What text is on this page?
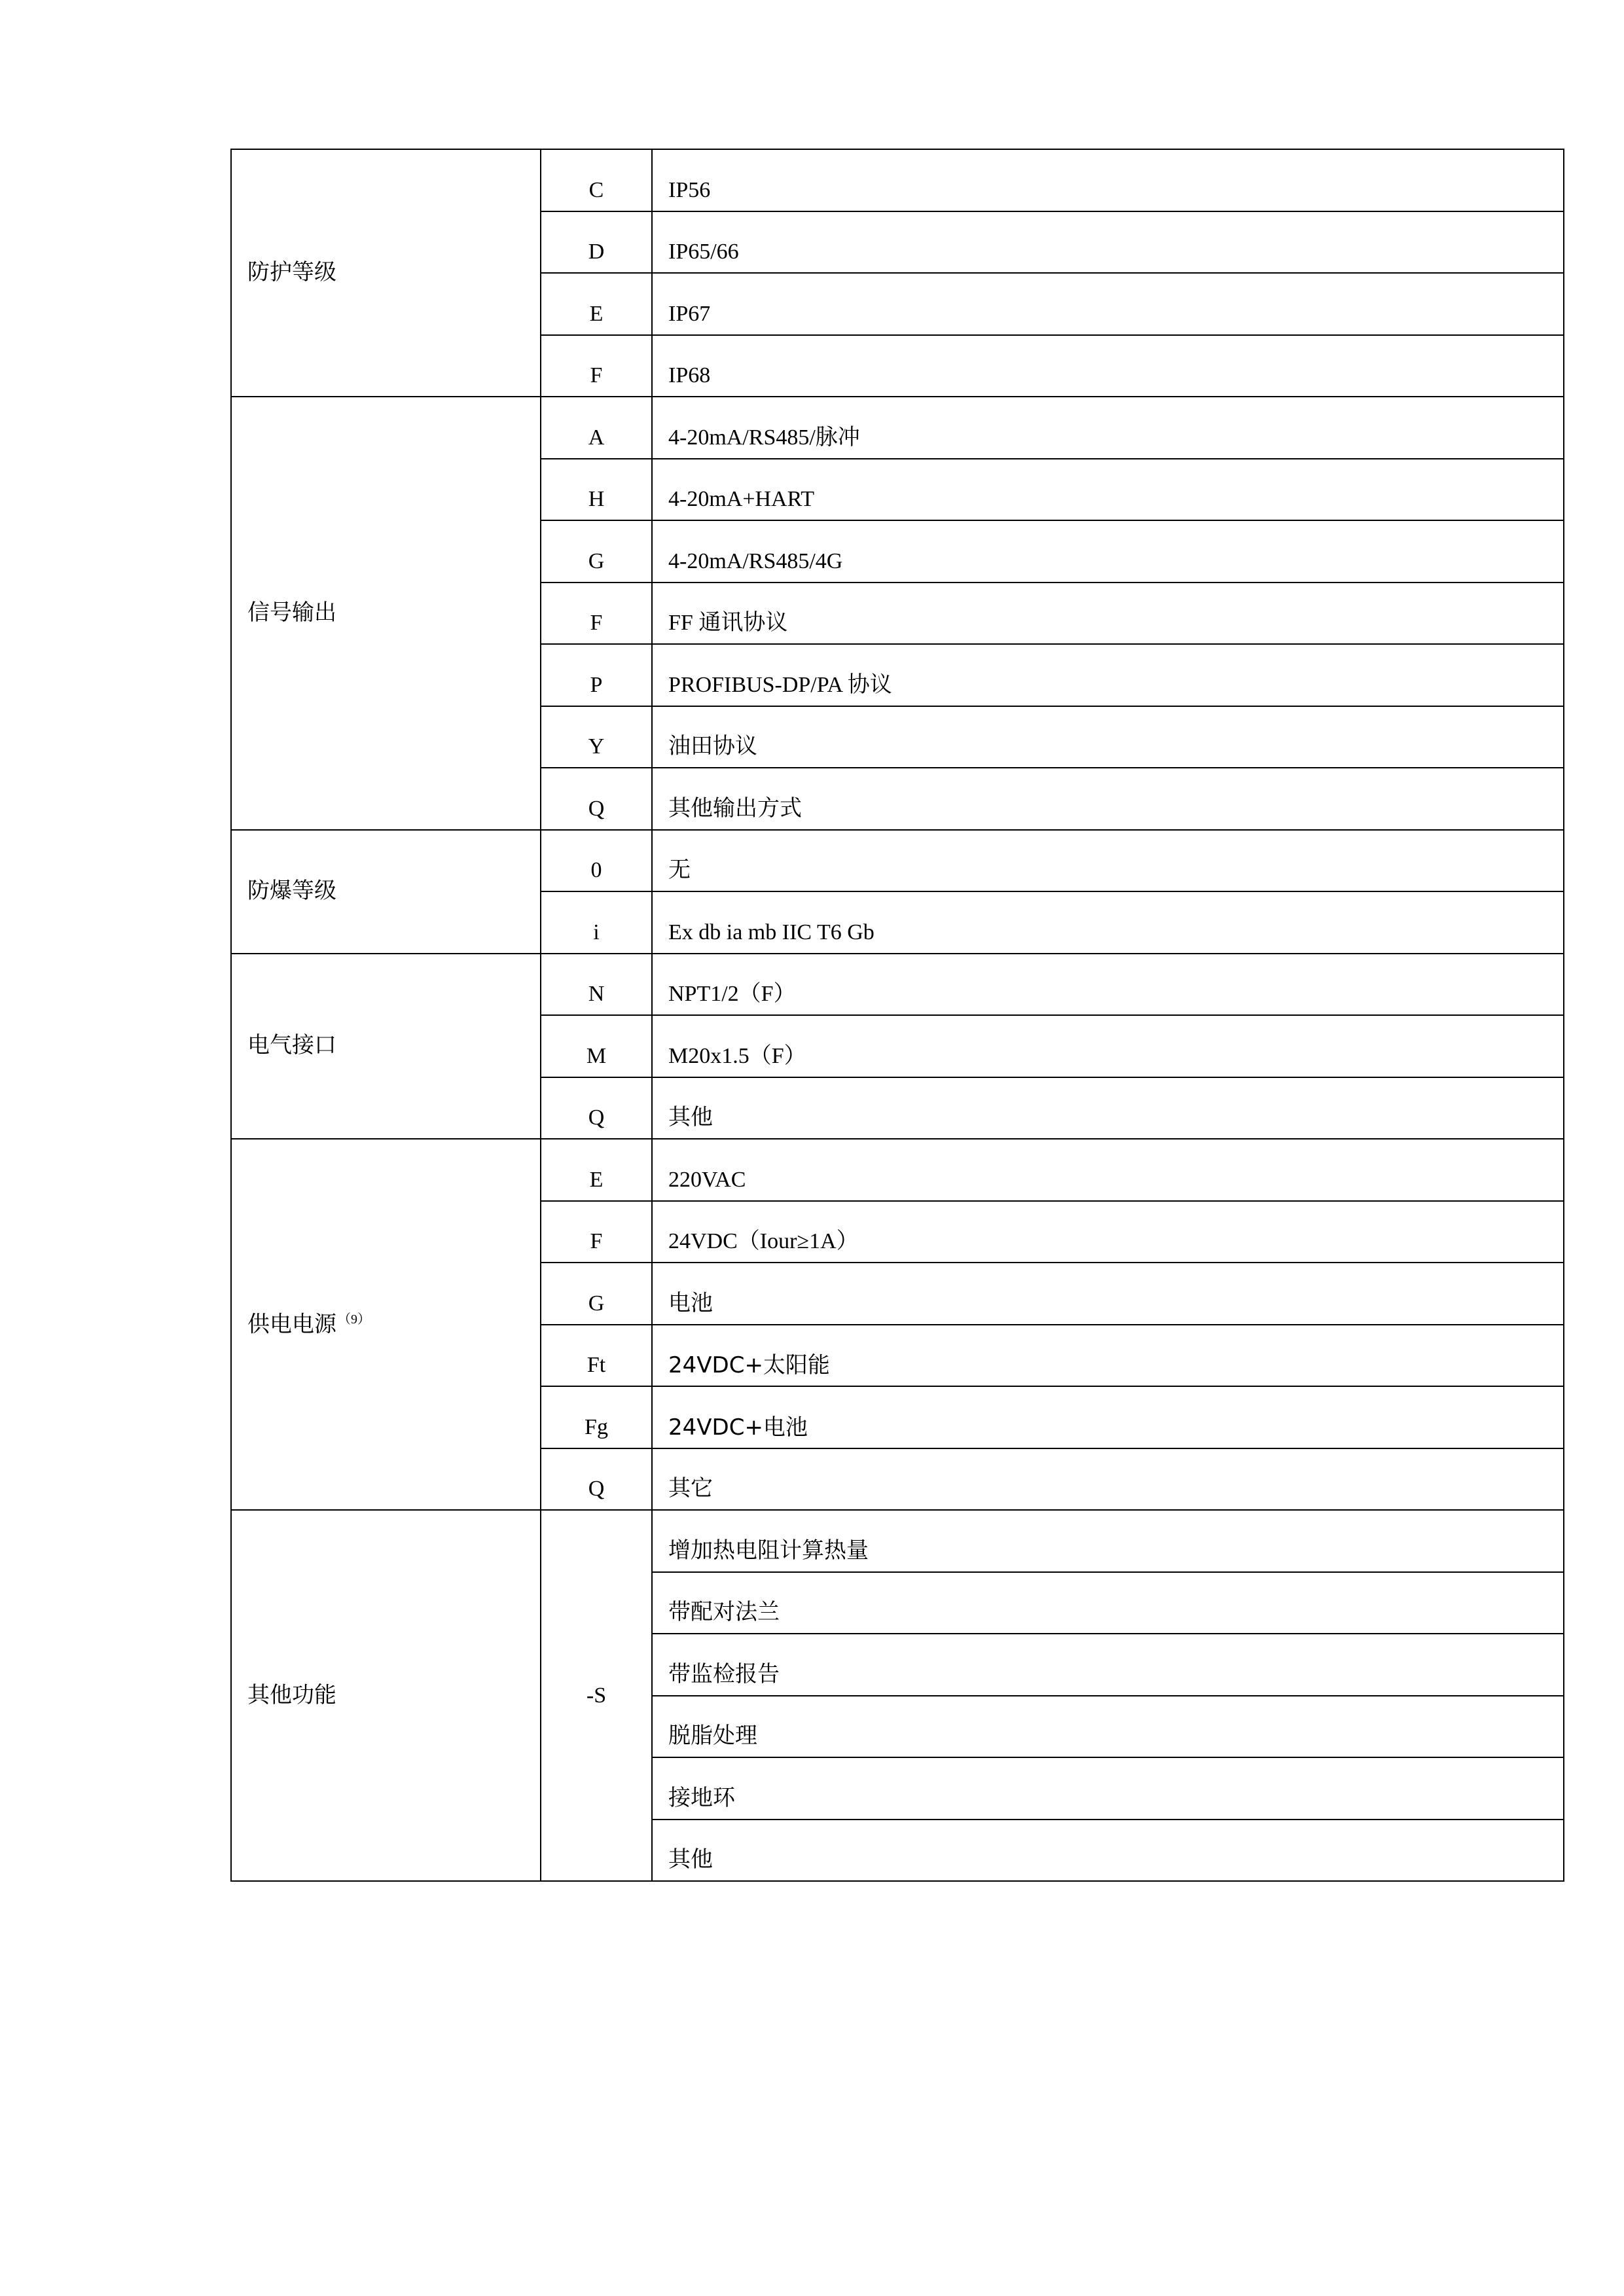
防护等级	C	IP56
	D	IP65/66
	E	IP67
	F	IP68
信号输出	A	4-20mA/RS485/脉冲
	H	4-20mA+HART
	G	4-20mA/RS485/4G
	F	FF 通讯协议
	P	PROFIBUS-DP/PA 协议
	Y	油田协议
	Q	其他输出方式
防爆等级	0	无
	i	Ex db ia mb IIC T6 Gb
电气接口	N	NPT1/2（F）
	M	M20x1.5（F）
	Q	其他
供电电源 $^{(9)}$	E	220VAC
	F	24VDC（Iour≥1A）
	G	电池
	Ft	24VDC+太阳能
	Fg	24VDC+电池
	Q	其它
其他功能	-S	增加热电阻计算热量
		带配对法兰
		带监检报告
		脱脂处理
		接地环
		其他
